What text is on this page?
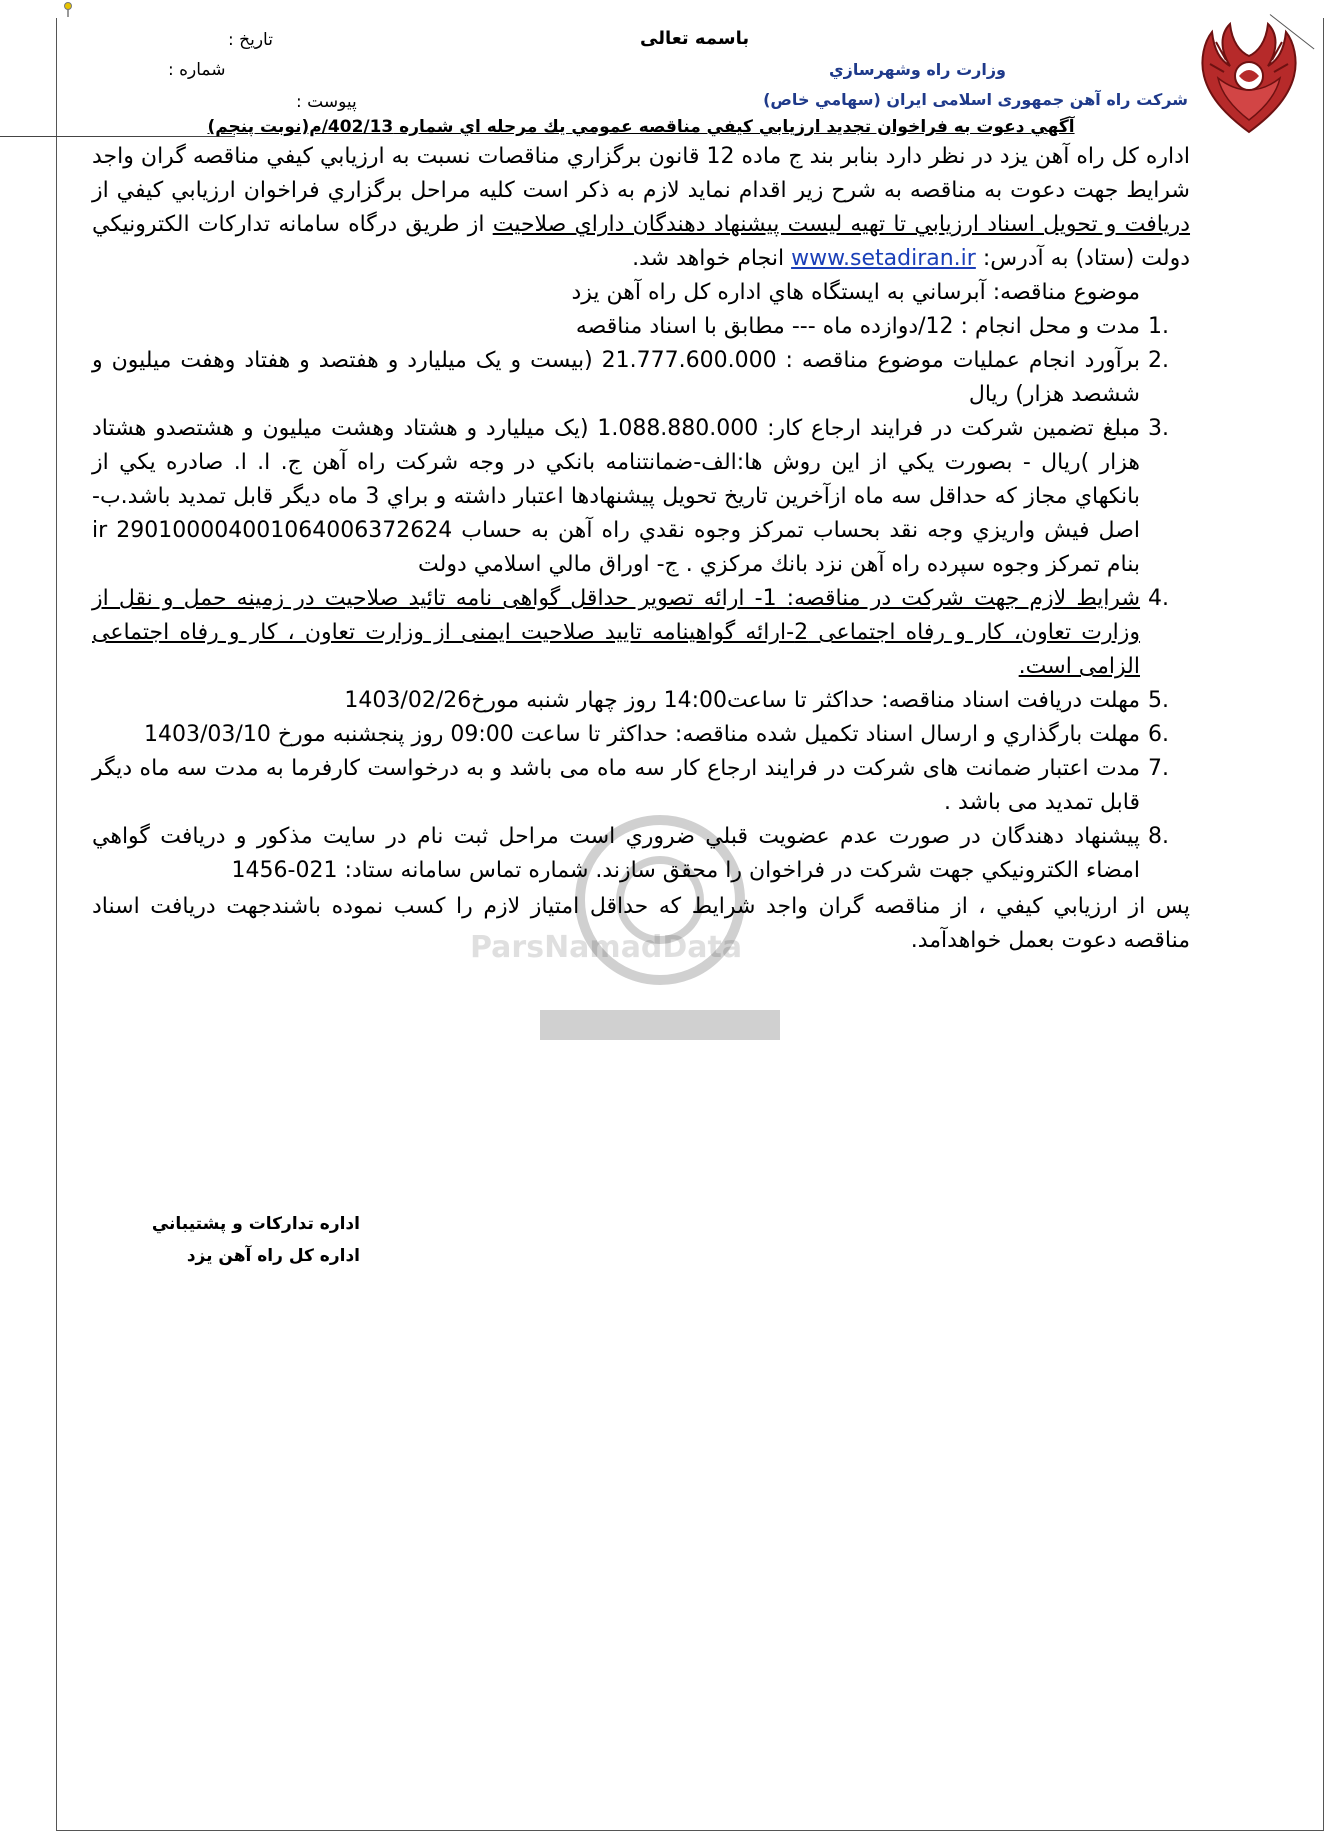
ParsNamadData
باسمه تعالی
وزارت راه وشهرسازي
شركت راه آهن جمهوری اسلامی ایران (سهامي خاص)
تاریخ :
شماره :
پیوست :
آگهي دعوت به فراخوان تجدید ارزیابي كیفي مناقصه عمومي يك مرحله اي شماره 402/13/م(نوبت پنجم)

اداره كل راه آهن یزد در نظر دارد بنابر بند ج ماده 12 قانون برگزاري مناقصات نسبت به ارزيابي كيفي مناقصه گران واجد شرايط جهت دعوت به مناقصه به شرح زير اقدام نمايد لازم به ذكر است كليه مراحل برگزاري فراخوان ارزيابي كيفي از دريافت و تحويل اسناد ارزيابي تا تهيه ليست پيشنهاد دهندگان داراي صلاحيت از طريق درگاه سامانه تداركات الكترونيكي دولت (ستاد) به آدرس: www.setadiran.ir انجام خواهد شد.

موضوع مناقصه: آبرساني به ايستگاه هاي اداره كل راه آهن يزد

1.
مدت و محل انجام : 12/دوازده ماه --- مطابق با اسناد مناقصه

2.
برآورد انجام عمليات موضوع مناقصه : 21.777.600.000 (بيست و يک ميليارد و هفتصد و هفتاد وهفت ميليون و ششصد هزار) ريال

3.
مبلغ تضمين شركت در فرايند ارجاع كار: 1.088.880.000 (يک ميليارد و هشتاد وهشت ميليون و هشتصدو هشتاد هزار )ريال - بصورت يكي از اين روش ها:الف-ضمانتنامه بانكي در وجه شركت راه آهن ج. ا. ا. صادره يكي از بانكهاي مجاز كه حداقل سه ماه ازآخرين تاريخ تحويل پيشنهادها اعتبار داشته و براي 3 ماه ديگر قابل تمديد باشد.ب- اصل فيش واريزي وجه نقد بحساب تمركز وجوه نقدي راه آهن به حساب 290100004001064006372624 ir بنام تمركز وجوه سپرده راه آهن نزد بانك مركزي . ج- اوراق مالي اسلامي دولت

4.
شرایط لازم جهت شرکت در مناقصه: 1- ارائه تصویر حداقل گواهی نامه تائید صلاحیت در زمینه حمل و نقل از وزارت تعاون، کار و رفاه اجتماعی 2-ارائه گواهینامه تایید صلاحیت ایمنی از وزارت تعاون ، کار و رفاه اجتماعی الزامی است.

5.
مهلت دريافت اسناد مناقصه: حداكثر تا ساعت14:00 روز چهار شنبه مورخ1403/02/26

6.
مهلت بارگذاري و ارسال اسناد تكميل شده مناقصه: حداكثر تا ساعت 09:00 روز پنجشنبه مورخ 1403/03/10

7.
مدت اعتبار ضمانت های شرکت در فرایند ارجاع کار سه ماه می باشد و به درخواست کارفرما به مدت سه ماه دیگر قابل تمدید می باشد .

8.
پيشنهاد دهندگان در صورت عدم عضويت قبلي ضروري است مراحل ثبت نام در سايت مذكور و دريافت گواهي امضاء الكترونيكي جهت شركت در فراخوان را محقق سازند. شماره تماس سامانه ستاد: 021-1456

پس از ارزیابي كیفي ، از مناقصه گران واجد شرایط كه حداقل امتیاز لازم را كسب نموده باشندجهت دریافت اسناد مناقصه دعوت بعمل خواهدآمد.

اداره تداركات و پشتيباني
اداره كل راه آهن يزد
